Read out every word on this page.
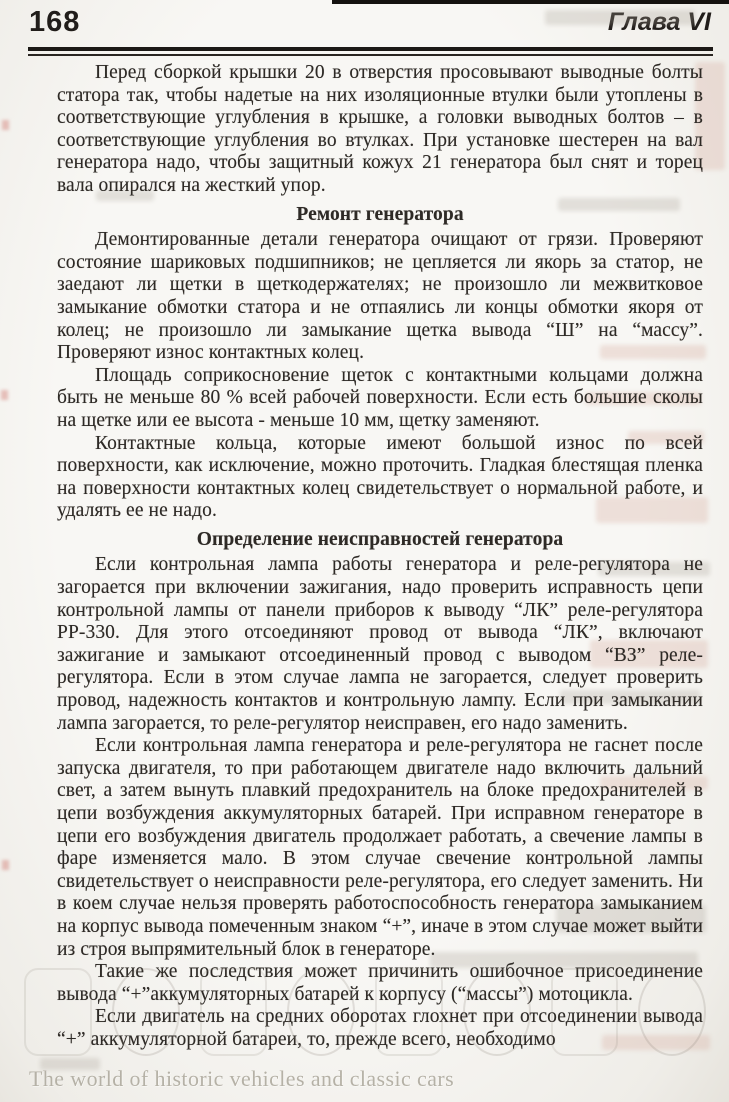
168	Глава VI

Перед сборкой крышки 20 в отверстия просовывают выводные болты статора так, чтобы надетые на них изоляционные втулки были утоплены в соответствующие углубления в крышке, а головки выводных болтов – в соответствующие углубления во втулках. При установке шестерен на вал генератора надо, чтобы защитный кожух 21 генератора был снят и торец вала опирался на жесткий упор.

Ремонт генератора

Демонтированные детали генератора очищают от грязи. Проверяют состояние шариковых подшипников; не цепляется ли якорь за статор, не заедают ли щетки в щеткодержателях; не произошло ли межвитковое замыкание обмотки статора и не отпаялись ли концы обмотки якоря от колец; не произошло ли замыкание щетка вывода “Ш” на “массу”. Проверяют износ контактных колец.

Площадь соприкосновение щеток с контактными кольцами должна быть не меньше 80 % всей рабочей поверхности. Если есть большие сколы на щетке или ее высота - меньше 10 мм, щетку заменяют.

Контактные кольца, которые имеют большой износ по всей поверхности, как исключение, можно проточить. Гладкая блестящая пленка на поверхности контактных колец свидетельствует о нормальной работе, и удалять ее не надо.

Определение неисправностей генератора

Если контрольная лампа работы генератора и реле-регулятора не загорается при включении зажигания, надо проверить исправность цепи контрольной лампы от панели приборов к выводу “ЛК” реле-регулятора РР-330. Для этого отсоединяют провод от вывода “ЛК”, включают зажигание и замыкают отсоединенный провод с выводом “ВЗ” реле-регулятора. Если в этом случае лампа не загорается, следует проверить провод, надежность контактов и контрольную лампу. Если при замыкании лампа загорается, то реле-регулятор неисправен, его надо заменить.

Если контрольная лампа генератора и реле-регулятора не гаснет после запуска двигателя, то при работающем двигателе надо включить дальний свет, а затем вынуть плавкий предохранитель на блоке предохранителей в цепи возбуждения аккумуляторных батарей. При исправном генераторе в цепи его возбуждения двигатель продолжает работать, а свечение лампы в фаре изменяется мало. В этом случае свечение контрольной лампы свидетельствует о неисправности реле-регулятора, его следует заменить. Ни в коем случае нельзя проверять работоспособность генератора замыканием на корпус вывода помеченным знаком “+”, иначе в этом случае может выйти из строя выпрямительный блок в генераторе.

Такие же последствия может причинить ошибочное присоединение вывода “+”аккумуляторных батарей к корпусу (“массы”) мотоцикла.

Если двигатель на средних оборотах глохнет при отсоединении вывода “+” аккумуляторной батареи, то, прежде всего, необходимо

The world of historic vehicles and classic cars
